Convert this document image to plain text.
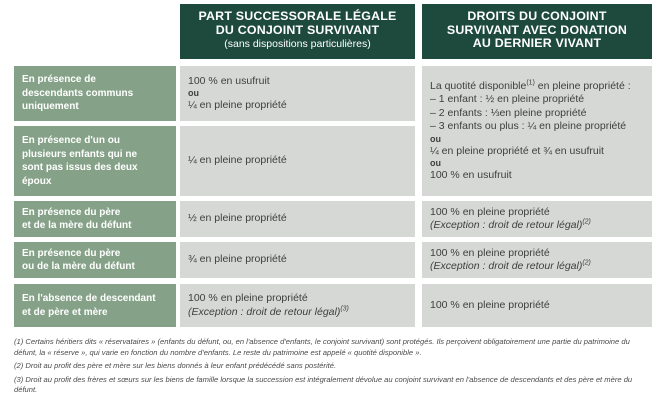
PART SUCCESSORALE LÉGALE
DU CONJOINT SURVIVANT
(sans dispositions particulières)
DROITS DU CONJOINT
SURVIVANT AVEC DONATION
AU DERNIER VIVANT
En présence de
descendants communs
uniquement
100 % en usufruit
ou
¼ en pleine propriété
La quotité disponible$^{(1)}$ en pleine propriété :
– 1 enfant : ½ en pleine propriété
– 2 enfants : ⅓en pleine propriété
– 3 enfants ou plus : ¼ en pleine propriété
ou
¼ en pleine propriété et ¾ en usufruit
ou
100 % en usufruit
En présence d'un ou
plusieurs enfants qui ne
sont pas issus des deux
époux
¼ en pleine propriété
En présence du père
et de la mère du défunt
½ en pleine propriété
100 % en pleine propriété
(Exception : droit de retour légal)$^{(2)}$
En présence du père
ou de la mère du défunt
¾ en pleine propriété
100 % en pleine propriété
(Exception : droit de retour légal)$^{(2)}$
En l'absence de descendant
et de père et mère
100 % en pleine propriété
(Exception : droit de retour légal)$^{(3)}$	100 % en pleine propriété

(1) Certains héritiers dits « réservataires » (enfants du défunt, ou, en l'absence d'enfants, le conjoint survivant) sont protégés. Ils perçoivent obligatoirement une partie du patrimoine du défunt, la « réserve », qui varie en fonction du nombre d'enfants. Le reste du patrimoine est appelé « quotité disponible ».

(2) Droit au profit des père et mère sur les biens donnés à leur enfant prédécédé sans postérité.

(3) Droit au profit des frères et sœurs sur les biens de famille lorsque la succession est intégralement dévolue au conjoint survivant en l'absence de descendants et des père et mère du défunt.
